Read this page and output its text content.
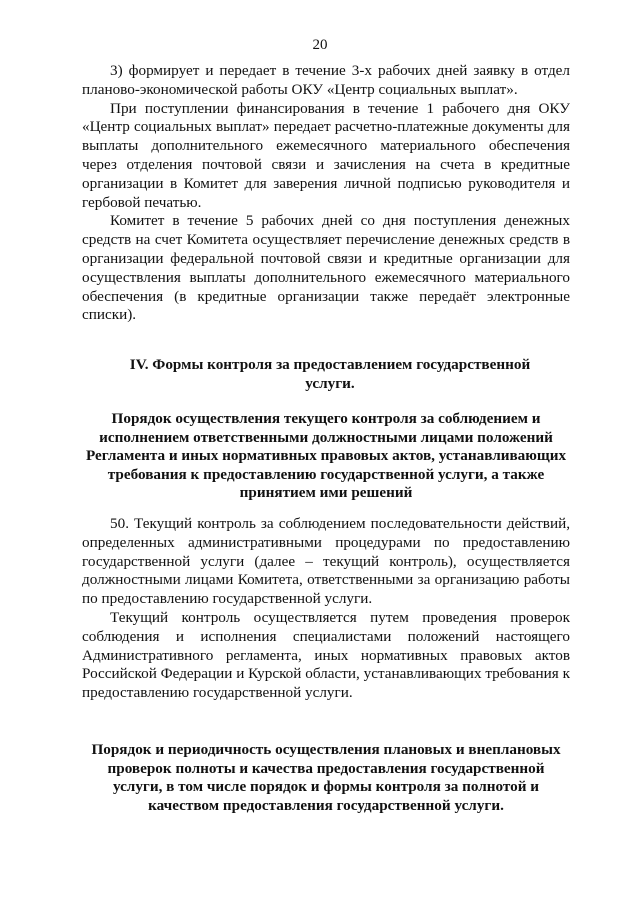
20

3) формирует и передает в течение 3-х рабочих дней заявку в отдел планово-экономической работы ОКУ «Центр социальных выплат».

При поступлении финансирования в течение 1 рабочего дня ОКУ «Центр социальных выплат» передает расчетно-платежные документы для выплаты дополнительного ежемесячного материального обеспечения через отделения почтовой связи и зачисления на счета в кредитные организации в Комитет для заверения личной подписью руководителя и гербовой печатью.

Комитет в течение 5 рабочих дней со дня поступления денежных средств на счет Комитета осуществляет перечисление денежных средств в организации федеральной почтовой связи и кредитные организации для осуществления выплаты дополнительного ежемесячного материального обеспечения (в кредитные организации также передаёт электронные списки).

IV. Формы контроля за предоставлением государственной услуги.
Порядок осуществления текущего контроля за соблюдением и исполнением ответственными должностными лицами положений Регламента и иных нормативных правовых актов, устанавливающих требования к предоставлению государственной услуги, а также принятием ими решений

50. Текущий контроль за соблюдением последовательности действий, определенных административными процедурами по предоставлению государственной услуги (далее – текущий контроль), осуществляется должностными лицами Комитета, ответственными за организацию работы по предоставлению государственной услуги.

Текущий контроль осуществляется путем проведения проверок соблюдения и исполнения специалистами положений настоящего Административного регламента, иных нормативных правовых актов Российской Федерации и Курской области, устанавливающих требования к предоставлению государственной услуги.

Порядок и периодичность осуществления плановых и внеплановых проверок полноты и качества предоставления государственной услуги, в том числе порядок и формы контроля за полнотой и качеством предоставления государственной услуги.
